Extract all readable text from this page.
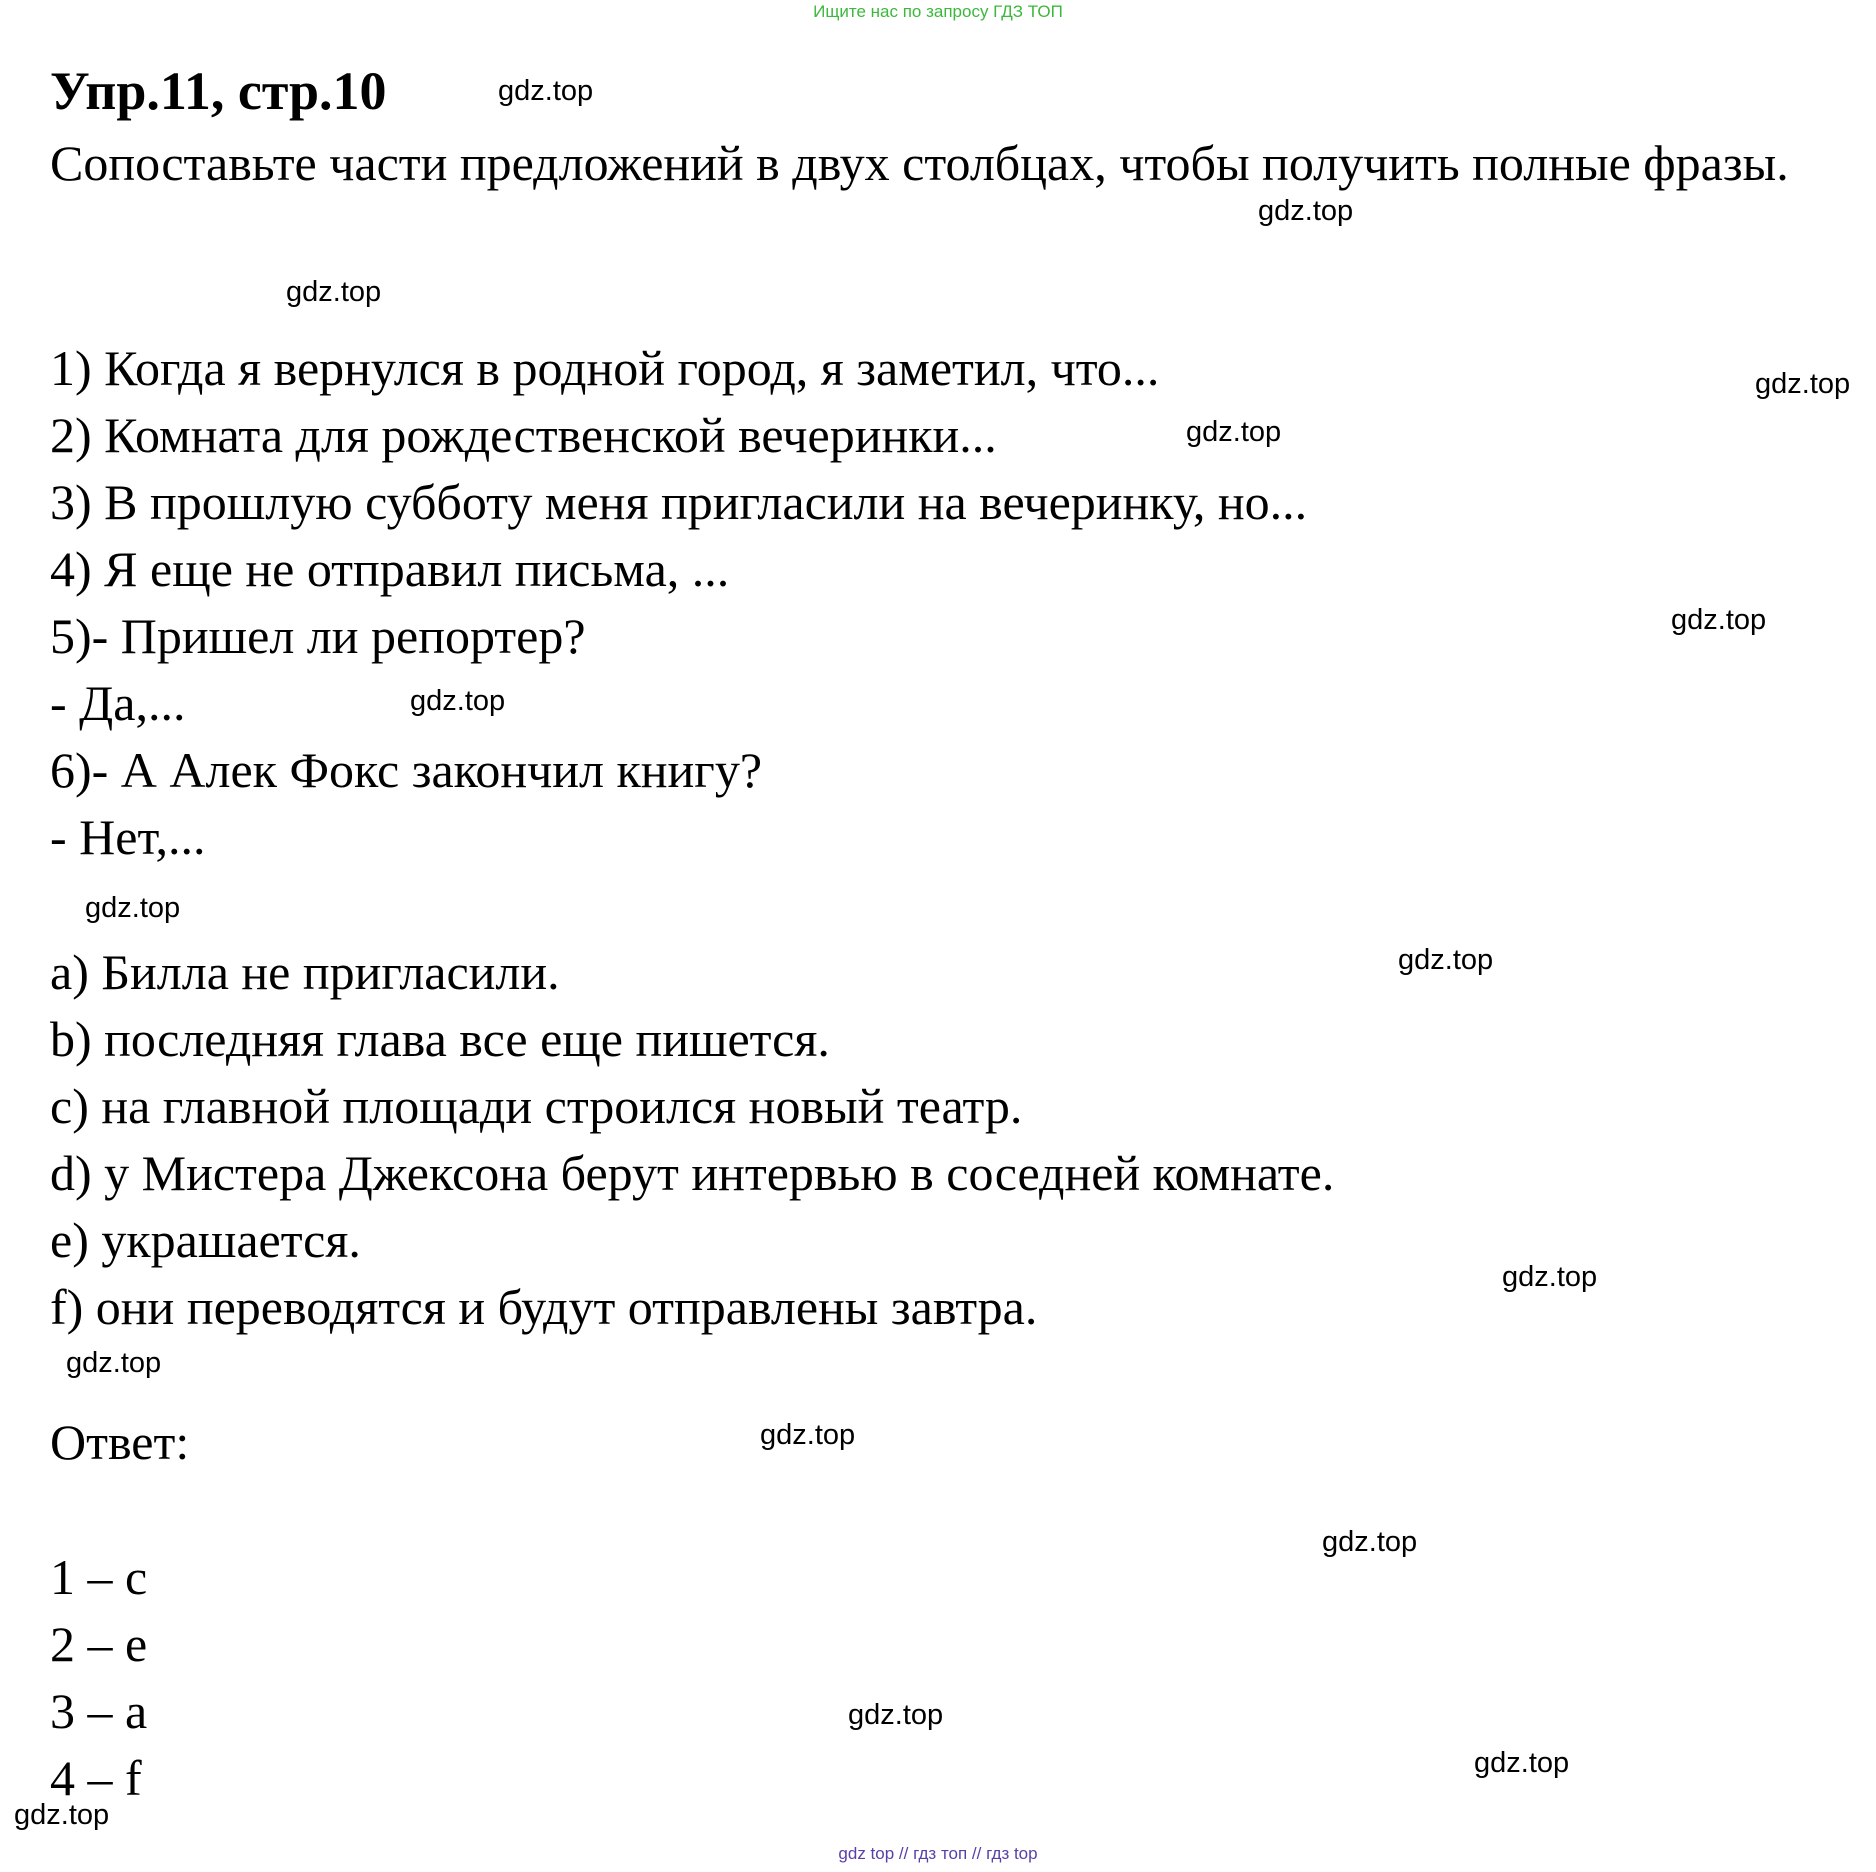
Ищите нас по запросу ГДЗ ТОП
Упр.11, стр.10
Сопоставьте части предложений в двух столбцах, чтобы получить полные фразы.
1) Когда я вернулся в родной город, я заметил, что...
2) Комната для рождественской вечеринки...
3) В прошлую субботу меня пригласили на вечеринку, но...
4) Я еще не отправил письма, ...
5)- Пришел ли репортер?
- Да,...
6)- А Алек Фокс закончил книгу?
- Нет,...
a) Билла не пригласили.
b) последняя глава все еще пишется.
c) на главной площади строился новый театр.
d) у Мистера Джексона берут интервью в соседней комнате.
e) украшается.
f) они переводятся и будут отправлены завтра.
Ответ:
1 – c
2 – e
3 – a
4 – f
gdz.top
gdz.top
gdz.top
gdz.top
gdz.top
gdz.top
gdz.top
gdz.top
gdz.top
gdz.top
gdz.top
gdz.top
gdz.top
gdz.top
gdz.top
gdz.top
gdz top // гдз топ // гдз top
